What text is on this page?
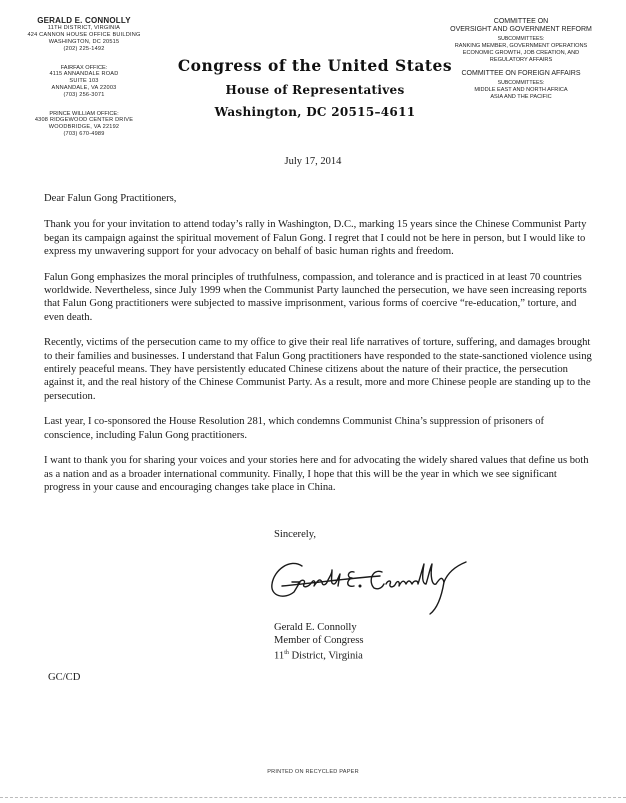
GERALD E. CONNOLLY
11TH DISTRICT, VIRGINIA
424 CANNON HOUSE OFFICE BUILDING
WASHINGTON, DC 20515
(202) 225-1492
FAIRFAX OFFICE:
4115 ANNANDALE ROAD
SUITE 103
ANNANDALE, VA 22003
(703) 256-3071
PRINCE WILLIAM OFFICE:
4308 RIDGEWOOD CENTER DRIVE
WOODBRIDGE, VA 22192
(703) 670-4989
Congress of the United States
House of Representatives
Washington, DC 20515–4611
COMMITTEE ON
OVERSIGHT AND GOVERNMENT REFORM
SUBCOMMITTEES:
RANKING MEMBER, GOVERNMENT OPERATIONS
ECONOMIC GROWTH, JOB CREATION, AND
REGULATORY AFFAIRS
COMMITTEE ON FOREIGN AFFAIRS
SUBCOMMITTEES:
MIDDLE EAST AND NORTH AFRICA
ASIA AND THE PACIFIC
July 17, 2014

Dear Falun Gong Practitioners,

Thank you for your invitation to attend today’s rally in Washington, D.C., marking 15 years since the Chinese Communist Party began its campaign against the spiritual movement of Falun Gong. I regret that I could not be here in person, but I would like to express my unwavering support for your advocacy on behalf of basic human rights and freedom.

Falun Gong emphasizes the moral principles of truthfulness, compassion, and tolerance and is practiced in at least 70 countries worldwide. Nevertheless, since July 1999 when the Communist Party launched the persecution, we have seen increasing reports that Falun Gong practitioners were subjected to massive imprisonment, various forms of coercive “re-education,” torture, and even death.

Recently, victims of the persecution came to my office to give their real life narratives of torture, suffering, and damages brought to their families and businesses. I understand that Falun Gong practitioners have responded to the state-sanctioned violence using entirely peaceful means. They have persistently educated Chinese citizens about the nature of their practice, the persecution against it, and the real history of the Chinese Communist Party. As a result, more and more Chinese people are standing up to the persecution.

Last year, I co-sponsored the House Resolution 281, which condemns Communist China’s suppression of prisoners of conscience, including Falun Gong practitioners.

I want to thank you for sharing your voices and your stories here and for advocating the widely shared values that define us both as a nation and as a broader international community. Finally, I hope that this will be the year in which we see significant progress in your cause and encouraging changes take place in China.

Sincerely,
Gerald E. Connolly
Member of Congress
11th District, Virginia
GC/CD
PRINTED ON RECYCLED PAPER
